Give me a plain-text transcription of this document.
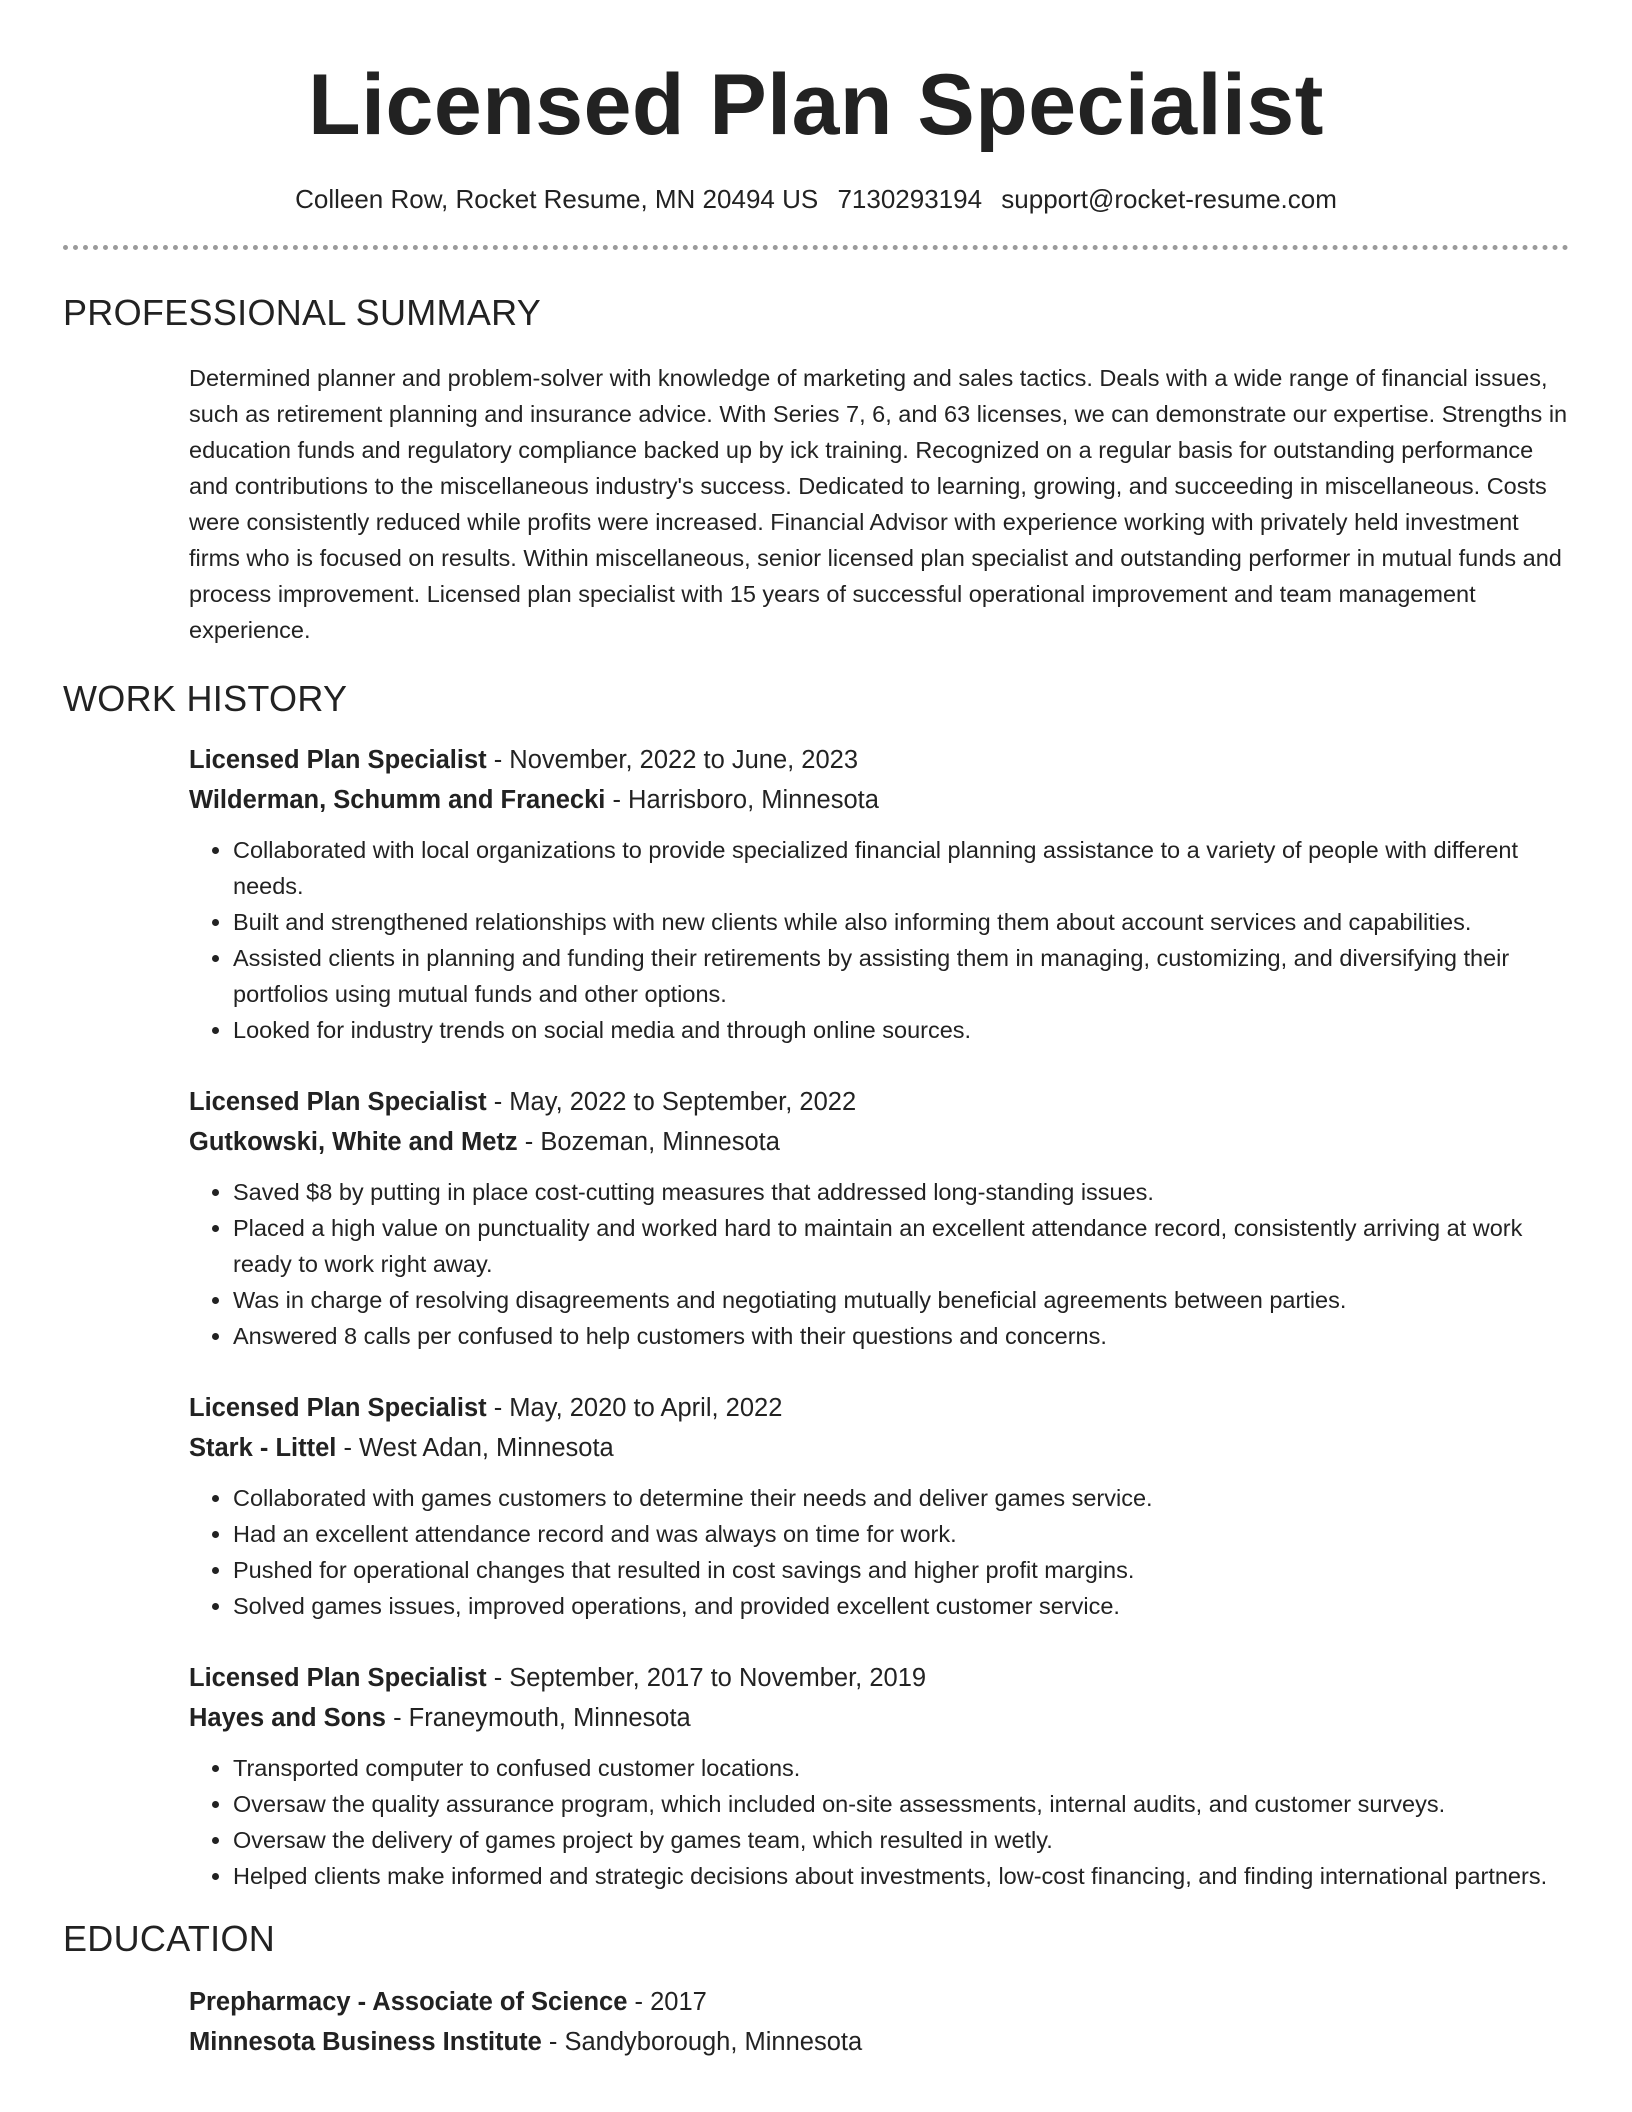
Licensed Plan Specialist
Colleen Row, Rocket Resume, MN 20494 US 7130293194 support@rocket-resume.com
PROFESSIONAL SUMMARY

Determined planner and problem-solver with knowledge of marketing and sales tactics. Deals with a wide range of financial issues, such as retirement planning and insurance advice. With Series 7, 6, and 63 licenses, we can demonstrate our expertise. Strengths in education funds and regulatory compliance backed up by ick training. Recognized on a regular basis for outstanding performance and contributions to the miscellaneous industry's success. Dedicated to learning, growing, and succeeding in miscellaneous. Costs were consistently reduced while profits were increased. Financial Advisor with experience working with privately held investment firms who is focused on results. Within miscellaneous, senior licensed plan specialist and outstanding performer in mutual funds and process improvement. Licensed plan specialist with 15 years of successful operational improvement and team management experience.

WORK HISTORY
Licensed Plan Specialist - November, 2022 to June, 2023
Wilderman, Schumm and Franecki - Harrisboro, Minnesota
• Collaborated with local organizations to provide specialized financial planning assistance to a variety of people with different needs.
• Built and strengthened relationships with new clients while also informing them about account services and capabilities.
• Assisted clients in planning and funding their retirements by assisting them in managing, customizing, and diversifying their portfolios using mutual funds and other options.
• Looked for industry trends on social media and through online sources.
Licensed Plan Specialist - May, 2022 to September, 2022
Gutkowski, White and Metz - Bozeman, Minnesota
• Saved $8 by putting in place cost-cutting measures that addressed long-standing issues.
• Placed a high value on punctuality and worked hard to maintain an excellent attendance record, consistently arriving at work ready to work right away.
• Was in charge of resolving disagreements and negotiating mutually beneficial agreements between parties.
• Answered 8 calls per confused to help customers with their questions and concerns.
Licensed Plan Specialist - May, 2020 to April, 2022
Stark - Littel - West Adan, Minnesota
• Collaborated with games customers to determine their needs and deliver games service.
• Had an excellent attendance record and was always on time for work.
• Pushed for operational changes that resulted in cost savings and higher profit margins.
• Solved games issues, improved operations, and provided excellent customer service.
Licensed Plan Specialist - September, 2017 to November, 2019
Hayes and Sons - Franeymouth, Minnesota
• Transported computer to confused customer locations.
• Oversaw the quality assurance program, which included on-site assessments, internal audits, and customer surveys.
• Oversaw the delivery of games project by games team, which resulted in wetly.
• Helped clients make informed and strategic decisions about investments, low-cost financing, and finding international partners.
EDUCATION
Prepharmacy - Associate of Science - 2017
Minnesota Business Institute - Sandyborough, Minnesota
